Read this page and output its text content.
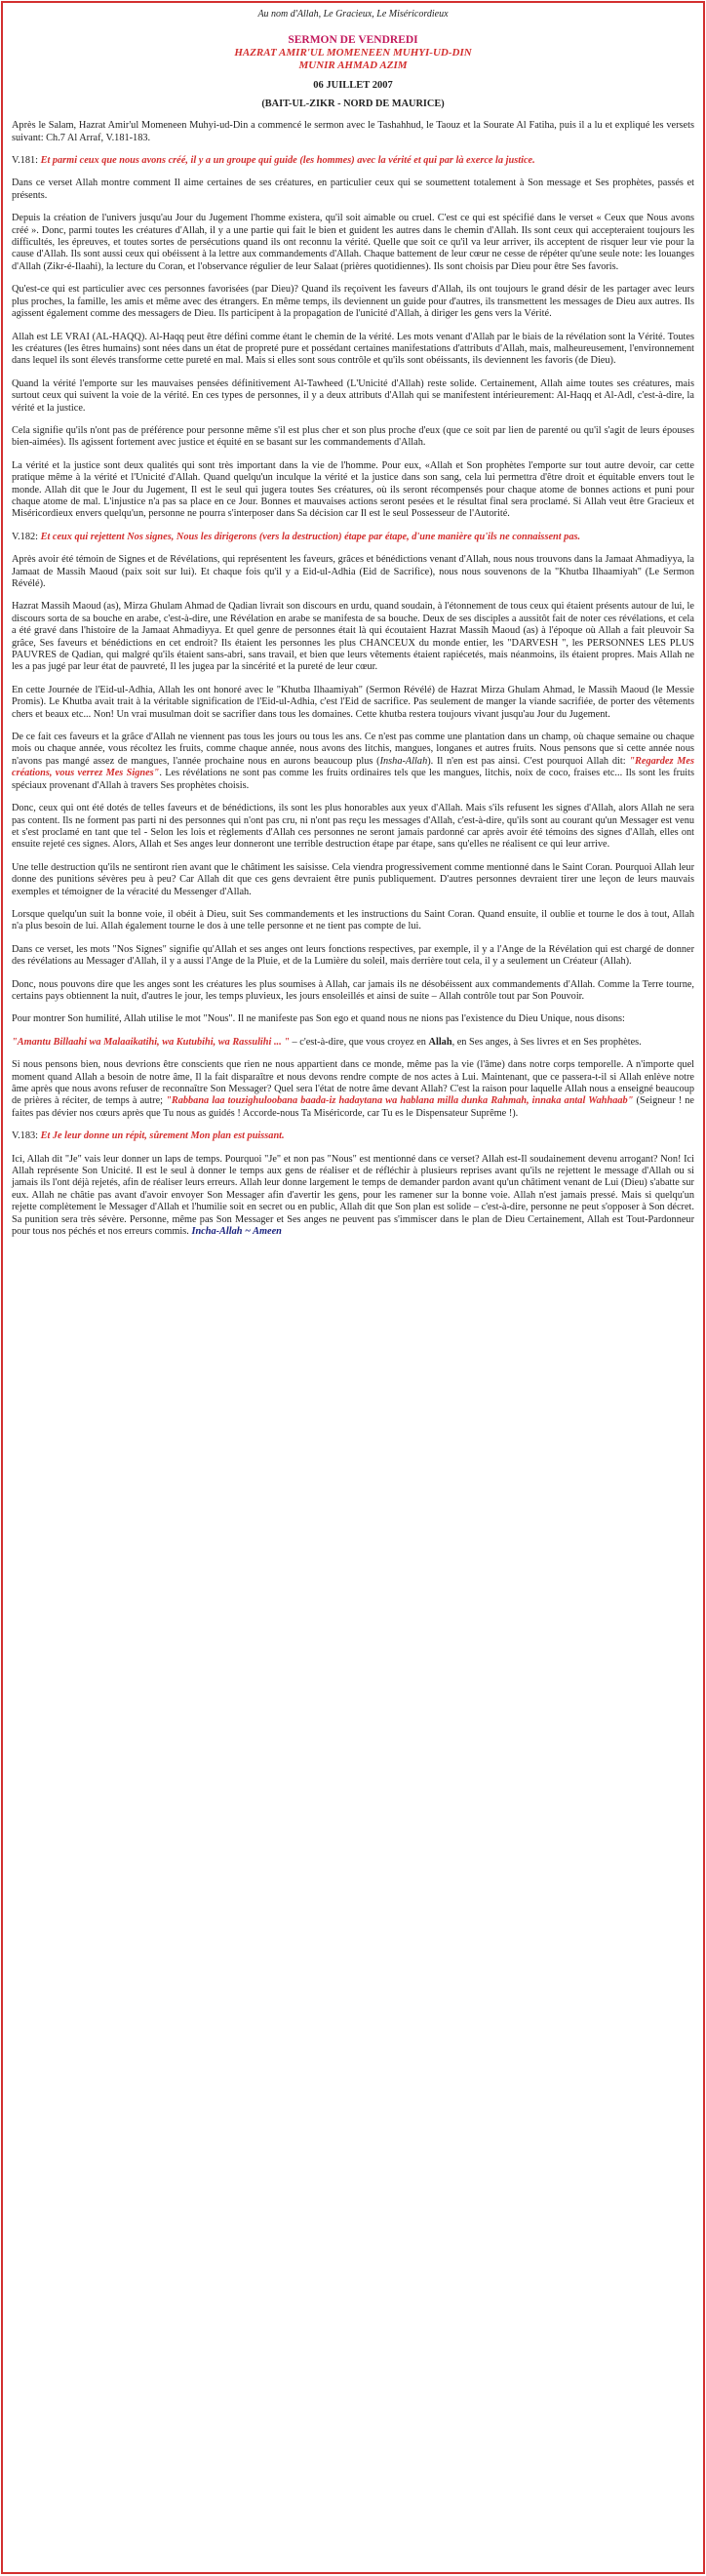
Au nom d'Allah, Le Gracieux, Le Miséricordieux
SERMON DE VENDREDI
HAZRAT AMIR'UL MOMENEEN MUHYI-UD-DIN
MUNIR AHMAD AZIM
06 JUILLET 2007
(BAIT-UL-ZIKR - NORD DE MAURICE)

Après le Salam, Hazrat Amir'ul Momeneen Muhyi-ud-Din a commencé le sermon avec le Tashahhud, le Taouz et la Sourate Al Fatiha, puis il a lu et expliqué les versets suivant: Ch.7 Al Arraf, V.181-183.

V.181: Et parmi ceux que nous avons créé, il y a un groupe qui guide (les hommes) avec la vérité et qui par là exerce la justice.

Dans ce verset Allah montre comment Il aime certaines de ses créatures, en particulier ceux qui se soumettent totalement à Son message et Ses prophètes, passés et présents.

Depuis la création de l'univers jusqu'au Jour du Jugement l'homme existera, qu'il soit aimable ou cruel. C'est ce qui est spécifié dans le verset « Ceux que Nous avons créé ». Donc, parmi toutes les créatures d'Allah, il y a une partie qui fait le bien et guident les autres dans le chemin d'Allah. Ils sont ceux qui accepteraient toujours les difficultés, les épreuves, et toutes sortes de persécutions quand ils ont reconnu la vérité. Quelle que soit ce qu'il va leur arriver, ils acceptent de risquer leur vie pour la cause d'Allah. Ils sont aussi ceux qui obéissent à la lettre aux commandements d'Allah. Chaque battement de leur cœur ne cesse de répéter qu'une seule note: les louanges d'Allah (Zikr-é-Ilaahi), la lecture du Coran, et l'observance régulier de leur Salaat (prières quotidiennes). Ils sont choisis par Dieu pour être Ses favoris.

Qu'est-ce qui est particulier avec ces personnes favorisées (par Dieu)? Quand ils reçoivent les faveurs d'Allah, ils ont toujours le grand désir de les partager avec leurs plus proches, la famille, les amis et même avec des étrangers. En même temps, ils deviennent un guide pour d'autres, ils transmettent les messages de Dieu aux autres. Ils agissent également comme des messagers de Dieu. Ils participent à la propagation de l'unicité d'Allah, à diriger les gens vers la Vérité.

Allah est LE VRAI (AL-HAQQ). Al-Haqq peut être défini comme étant le chemin de la vérité. Les mots venant d'Allah par le biais de la révélation sont la Vérité. Toutes les créatures (les êtres humains) sont nées dans un état de propreté pure et possédant certaines manifestations d'attributs d'Allah, mais, malheureusement, l'environnement dans lequel ils sont élevés transforme cette pureté en mal. Mais si elles sont sous contrôle et qu'ils sont obéissants, ils deviennent les favoris (de Dieu).

Quand la vérité l'emporte sur les mauvaises pensées définitivement Al-Tawheed (L'Unicité d'Allah) reste solide. Certainement, Allah aime toutes ses créatures, mais surtout ceux qui suivent la voie de la vérité. En ces types de personnes, il y a deux attributs d'Allah qui se manifestent intérieurement: Al-Haqq et Al-Adl, c'est-à-dire, la vérité et la justice.

Cela signifie qu'ils n'ont pas de préférence pour personne même s'il est plus cher et son plus proche d'eux (que ce soit par lien de parenté ou qu'il s'agit de leurs épouses bien-aimées). Ils agissent fortement avec justice et équité en se basant sur les commandements d'Allah.

La vérité et la justice sont deux qualités qui sont très important dans la vie de l'homme. Pour eux, «Allah et Son prophètes l'emporte sur tout autre devoir, car cette pratique même à la vérité et l'Unicité d'Allah. Quand quelqu'un inculque la vérité et la justice dans son sang, cela lui permettra d'être droit et équitable envers tout le monde. Allah dit que le Jour du Jugement, Il est le seul qui jugera toutes Ses créatures, où ils seront récompensés pour chaque atome de bonnes actions et puni pour chaque atome de mal. L'injustice n'a pas sa place en ce Jour. Bonnes et mauvaises actions seront pesées et le résultat final sera proclamé. Si Allah veut être Gracieux et Miséricordieux envers quelqu'un, personne ne pourra s'interposer dans Sa décision car Il est le seul Possesseur de l'Autorité.

V.182: Et ceux qui rejettent Nos signes, Nous les dirigerons (vers la destruction) étape par étape, d'une manière qu'ils ne connaissent pas.

Après avoir été témoin de Signes et de Révélations, qui représentent les faveurs, grâces et bénédictions venant d'Allah, nous nous trouvons dans la Jamaat Ahmadiyya, la Jamaat de Massih Maoud (paix soit sur lui). Et chaque fois qu'il y a Eid-ul-Adhia (Eid de Sacrifice), nous nous souvenons de la "Khutba Ilhaamiyah" (Le Sermon Révélé).

Hazrat Massih Maoud (as), Mirza Ghulam Ahmad de Qadian livrait son discours en urdu, quand soudain, à l'étonnement de tous ceux qui étaient présents autour de lui, le discours sorta de sa bouche en arabe, c'est-à-dire, une Révélation en arabe se manifesta de sa bouche. Deux de ses disciples a aussitôt fait de noter ces révélations, et cela a été gravé dans l'histoire de la Jamaat Ahmadiyya. Et quel genre de personnes était là qui écoutaient Hazrat Massih Maoud (as) à l'époque où Allah a fait pleuvoir Sa grâce, Ses faveurs et bénédictions en cet endroit? Ils étaient les personnes les plus CHANCEUX du monde entier, les "DARVESH ", les PERSONNES LES PLUS PAUVRES de Qadian, qui malgré qu'ils étaient sans-abri, sans travail, et bien que leurs vêtements étaient rapiécetés, mais néanmoins, ils étaient propres. Mais Allah ne les a pas jugé par leur état de pauvreté, Il les jugea par la sincérité et la pureté de leur cœur.

En cette Journée de l'Eid-ul-Adhia, Allah les ont honoré avec le "Khutba Ilhaamiyah" (Sermon Révélé) de Hazrat Mirza Ghulam Ahmad, le Massih Maoud (le Messie Promis). Le Khutba avait trait à la véritable signification de l'Eid-ul-Adhia, c'est l'Eid de sacrifice. Pas seulement de manger la viande sacrifiée, de porter des vêtements chers et beaux etc... Non! Un vrai musulman doit se sacrifier dans tous les domaines. Cette khutba restera toujours vivant jusqu'au Jour du Jugement.

De ce fait ces faveurs et la grâce d'Allah ne viennent pas tous les jours ou tous les ans. Ce n'est pas comme une plantation dans un champ, où chaque semaine ou chaque mois ou chaque année, vous récoltez les fruits, comme chaque année, nous avons des litchis, mangues, longanes et autres fruits. Nous pensons que si cette année nous n'avons pas mangé assez de mangues, l'année prochaine nous en aurons beaucoup plus (Insha-Allah). Il n'en est pas ainsi. C'est pourquoi Allah dit: "Regardez Mes créations, vous verrez Mes Signes". Les révélations ne sont pas comme les fruits ordinaires tels que les mangues, litchis, noix de coco, fraises etc... Ils sont les fruits spéciaux provenant d'Allah à travers Ses prophètes choisis.

Donc, ceux qui ont été dotés de telles faveurs et de bénédictions, ils sont les plus honorables aux yeux d'Allah. Mais s'ils refusent les signes d'Allah, alors Allah ne sera pas content. Ils ne forment pas parti ni des personnes qui n'ont pas cru, ni n'ont pas reçu les messages d'Allah, c'est-à-dire, qu'ils sont au courant qu'un Messager est venu et s'est proclamé en tant que tel - Selon les lois et règlements d'Allah ces personnes ne seront jamais pardonné car après avoir été témoins des signes d'Allah, elles ont ensuite rejeté ces signes. Alors, Allah et Ses anges leur donneront une terrible destruction étape par étape, sans qu'elles ne réalisent ce qui leur arrive.

Une telle destruction qu'ils ne sentiront rien avant que le châtiment les saisisse. Cela viendra progressivement comme mentionné dans le Saint Coran. Pourquoi Allah leur donne des punitions sévères peu à peu? Car Allah dit que ces gens devraient être punis publiquement. D'autres personnes devraient tirer une leçon de leurs mauvais exemples et témoigner de la véracité du Messenger d'Allah.

Lorsque quelqu'un suit la bonne voie, il obéit à Dieu, suit Ses commandements et les instructions du Saint Coran. Quand ensuite, il oublie et tourne le dos à tout, Allah n'a plus besoin de lui. Allah également tourne le dos à une telle personne et ne tient pas compte de lui.

Dans ce verset, les mots "Nos Signes" signifie qu'Allah et ses anges ont leurs fonctions respectives, par exemple, il y a l'Ange de la Révélation qui est chargé de donner des révélations au Messager d'Allah, il y a aussi l'Ange de la Pluie, et de la Lumière du soleil, mais derrière tout cela, il y a seulement un Créateur (Allah).

Donc, nous pouvons dire que les anges sont les créatures les plus soumises à Allah, car jamais ils ne désobéissent aux commandements d'Allah. Comme la Terre tourne, certains pays obtiennent la nuit, d'autres le jour, les temps pluvieux, les jours ensoleillés et ainsi de suite – Allah contrôle tout par Son Pouvoir.

Pour montrer Son humilité, Allah utilise le mot "Nous". Il ne manifeste pas Son ego et quand nous ne nions pas l'existence du Dieu Unique, nous disons:

"Amantu Billaahi wa Malaaikatihi, wa Kutubihi, wa Rassulihi ... " – c'est-à-dire, que vous croyez en Allah, en Ses anges, à Ses livres et en Ses prophètes.

Si nous pensons bien, nous devrions être conscients que rien ne nous appartient dans ce monde, même pas la vie (l'âme) dans notre corps temporelle. A n'importe quel moment quand Allah a besoin de notre âme, Il la fait disparaître et nous devons rendre compte de nos actes à Lui. Maintenant, que ce passera-t-il si Allah enlève notre âme après que nous avons refuser de reconnaître Son Messager? Quel sera l'état de notre âme devant Allah? C'est la raison pour laquelle Allah nous a enseigné beaucoup de prières à réciter, de temps à autre; "Rabbana laa touzighuloobana baada-iz hadaytana wa hablana milla dunka Rahmah, innaka antal Wahhaab" (Seigneur ! ne faites pas dévier nos cœurs après que Tu nous as guidés ! Accorde-nous Ta Miséricorde, car Tu es le Dispensateur Suprême !).

V.183: Et Je leur donne un répit, sûrement Mon plan est puissant.

Ici, Allah dit "Je" vais leur donner un laps de temps. Pourquoi "Je" et non pas "Nous" est mentionné dans ce verset? Allah est-Il soudainement devenu arrogant? Non! Ici Allah représente Son Unicité. Il est le seul à donner le temps aux gens de réaliser et de réfléchir à plusieurs reprises avant qu'ils ne rejettent le message d'Allah ou si jamais ils l'ont déjà rejetés, afin de réaliser leurs erreurs. Allah leur donne largement le temps de demander pardon avant qu'un châtiment venant de Lui (Dieu) s'abatte sur eux. Allah ne châtie pas avant d'avoir envoyer Son Messager afin d'avertir les gens, pour les ramener sur la bonne voie. Allah n'est jamais pressé. Mais si quelqu'un rejette complètement le Messager d'Allah et l'humilie soit en secret ou en public, Allah dit que Son plan est solide – c'est-à-dire, personne ne peut s'opposer à Son décret. Sa punition sera très sévère. Personne, même pas Son Messager et Ses anges ne peuvent pas s'immiscer dans le plan de Dieu Certainement, Allah est Tout-Pardonneur pour tous nos péchés et nos erreurs commis. Incha-Allah ~ Ameen
